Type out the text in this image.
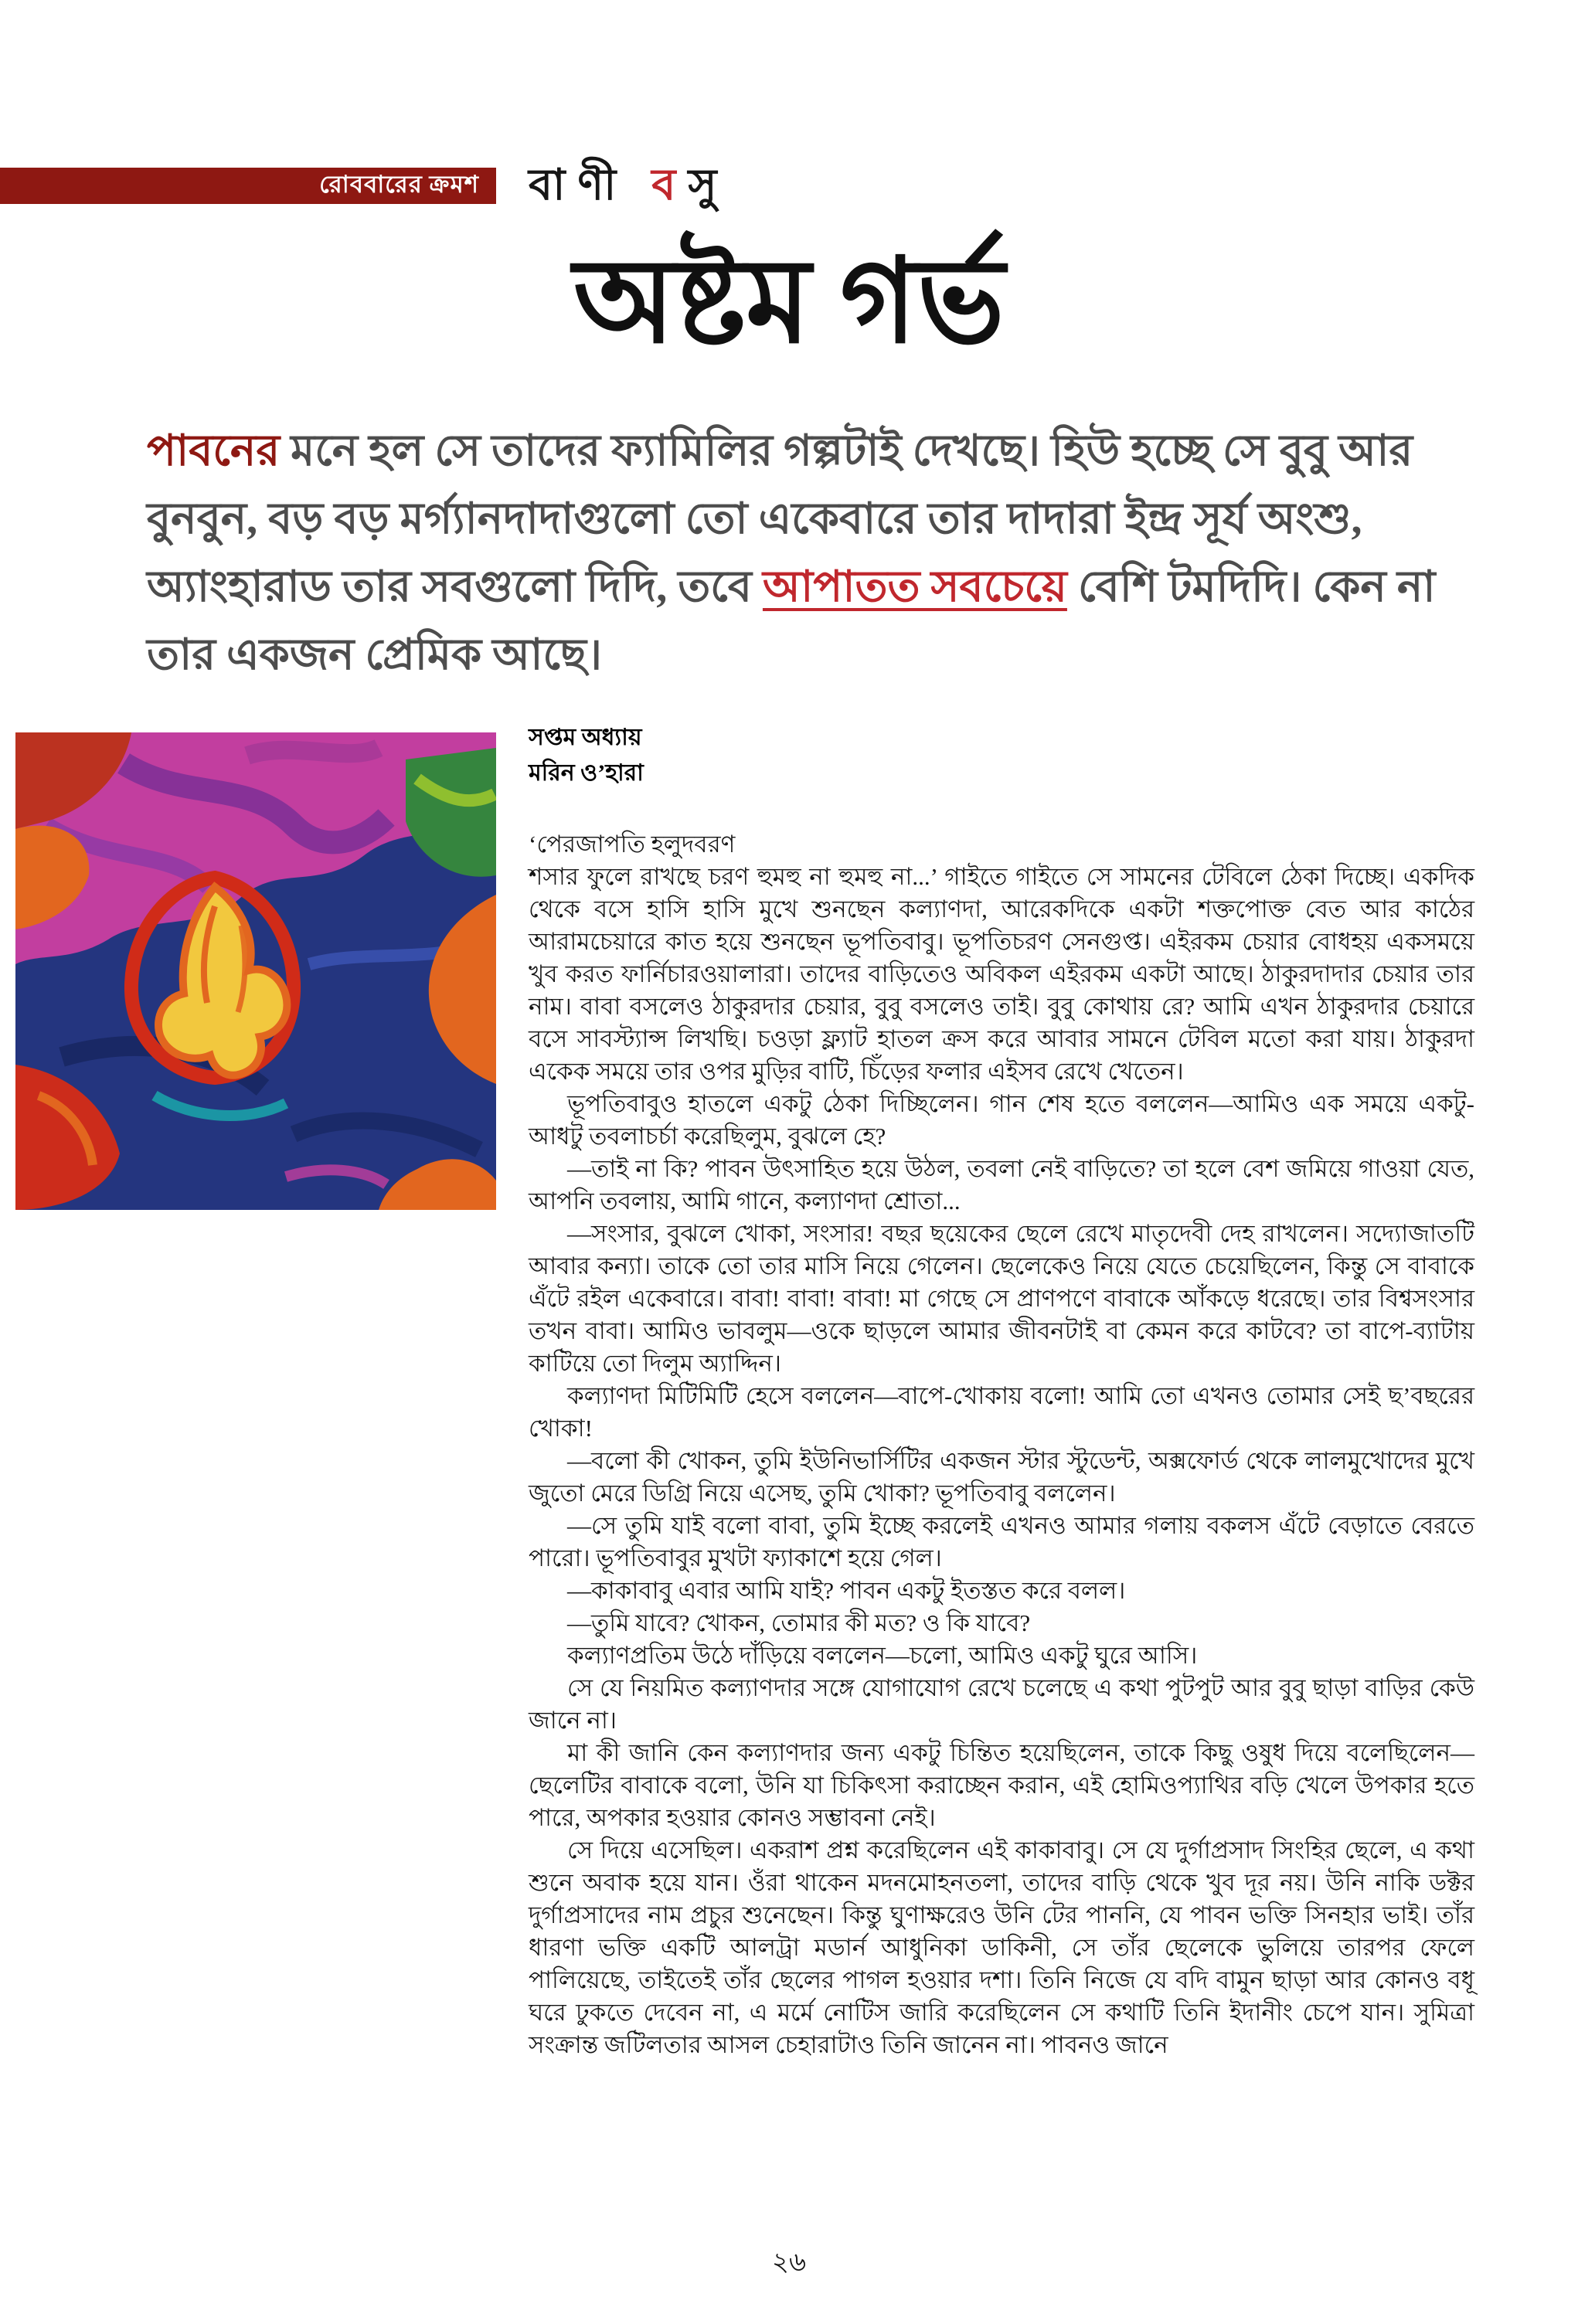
রোববারের ক্রমশ বাণী বসু
অষ্টম গর্ভ
পাবনের মনে হল সে তাদের ফ্যামিলির গল্পটাই দেখছে। হিউ হচ্ছে সে বুবু আর বুনবুন, বড় বড় মর্গ্যানদাদাগুলো তো একেবারে তার দাদারা ইন্দ্র সূর্য অংশু, অ্যাংহারাড তার সবগুলো দিদি, তবে আপাতত সবচেয়ে বেশি টমদিদি। কেন না তার একজন প্রেমিক আছে।
সপ্তম অধ্যায়
মরিন ও’হারা

‘পেরজাপতি হলুদবরণ

শসার ফুলে রাখছে চরণ হুমহু না হুমহু না...’ গাইতে গাইতে সে সামনের টেবিলে ঠেকা দিচ্ছে। একদিক থেকে বসে হাসি হাসি মুখে শুনছেন কল্যাণদা, আরেকদিকে একটা শক্তপোক্ত বেত আর কাঠের আরামচেয়ারে কাত হয়ে শুনছেন ভূপতিবাবু। ভূপতিচরণ সেনগুপ্ত। এইরকম চেয়ার বোধহয় একসময়ে খুব করত ফার্নিচারওয়ালারা। তাদের বাড়িতেও অবিকল এইরকম একটা আছে। ঠাকুরদাদার চেয়ার তার নাম। বাবা বসলেও ঠাকুরদার চেয়ার, বুবু বসলেও তাই। বুবু কোথায় রে? আমি এখন ঠাকুরদার চেয়ারে বসে সাবস্ট্যান্স লিখছি। চওড়া ফ্ল্যাট হাতল ক্রস করে আবার সামনে টেবিল মতো করা যায়। ঠাকুরদা একেক সময়ে তার ওপর মুড়ির বাটি, চিঁড়ের ফলার এইসব রেখে খেতেন।

ভূপতিবাবুও হাতলে একটু ঠেকা দিচ্ছিলেন। গান শেষ হতে বললেন—আমিও এক সময়ে একটু-আধটু তবলাচর্চা করেছিলুম, বুঝলে হে?

—তাই না কি? পাবন উৎসাহিত হয়ে উঠল, তবলা নেই বাড়িতে? তা হলে বেশ জমিয়ে গাওয়া যেত, আপনি তবলায়, আমি গানে, কল্যাণদা শ্রোতা...

—সংসার, বুঝলে খোকা, সংসার! বছর ছয়েকের ছেলে রেখে মাতৃদেবী দেহ রাখলেন। সদ্যোজাতটি আবার কন্যা। তাকে তো তার মাসি নিয়ে গেলেন। ছেলেকেও নিয়ে যেতে চেয়েছিলেন, কিন্তু সে বাবাকে এঁটে রইল একেবারে। বাবা! বাবা! বাবা! মা গেছে সে প্রাণপণে বাবাকে আঁকড়ে ধরেছে। তার বিশ্বসংসার তখন বাবা। আমিও ভাবলুম—ওকে ছাড়লে আমার জীবনটাই বা কেমন করে কাটবে? তা বাপে-ব্যাটায় কাটিয়ে তো দিলুম অ্যাদ্দিন।

কল্যাণদা মিটিমিটি হেসে বললেন—বাপে-খোকায় বলো! আমি তো এখনও তোমার সেই ছ’বছরের খোকা!

—বলো কী খোকন, তুমি ইউনিভার্সিটির একজন স্টার স্টুডেন্ট, অক্সফোর্ড থেকে লালমুখোদের মুখে জুতো মেরে ডিগ্রি নিয়ে এসেছ, তুমি খোকা? ভূপতিবাবু বললেন।

—সে তুমি যাই বলো বাবা, তুমি ইচ্ছে করলেই এখনও আমার গলায় বকলস এঁটে বেড়াতে বেরতে পারো। ভূপতিবাবুর মুখটা ফ্যাকাশে হয়ে গেল।

—কাকাবাবু এবার আমি যাই? পাবন একটু ইতস্তত করে বলল।

—তুমি যাবে? খোকন, তোমার কী মত? ও কি যাবে?

কল্যাণপ্রতিম উঠে দাঁড়িয়ে বললেন—চলো, আমিও একটু ঘুরে আসি।

সে যে নিয়মিত কল্যাণদার সঙ্গে যোগাযোগ রেখে চলেছে এ কথা পুটপুট আর বুবু ছাড়া বাড়ির কেউ জানে না।

মা কী জানি কেন কল্যাণদার জন্য একটু চিন্তিত হয়েছিলেন, তাকে কিছু ওষুধ দিয়ে বলেছিলেন—ছেলেটির বাবাকে বলো, উনি যা চিকিৎসা করাচ্ছেন করান, এই হোমিওপ্যাথির বড়ি খেলে উপকার হতে পারে, অপকার হওয়ার কোনও সম্ভাবনা নেই।

সে দিয়ে এসেছিল। একরাশ প্রশ্ন করেছিলেন এই কাকাবাবু। সে যে দুর্গাপ্রসাদ সিংহির ছেলে, এ কথা শুনে অবাক হয়ে যান। ওঁরা থাকেন মদনমোহনতলা, তাদের বাড়ি থেকে খুব দূর নয়। উনি নাকি ডক্টর দুর্গাপ্রসাদের নাম প্রচুর শুনেছেন। কিন্তু ঘুণাক্ষরেও উনি টের পাননি, যে পাবন ভক্তি সিনহার ভাই। তাঁর ধারণা ভক্তি একটি আলট্রা মডার্ন আধুনিকা ডাকিনী, সে তাঁর ছেলেকে ভুলিয়ে তারপর ফেলে পালিয়েছে, তাইতেই তাঁর ছেলের পাগল হওয়ার দশা। তিনি নিজে যে বদি বামুন ছাড়া আর কোনও বধূ ঘরে ঢুকতে দেবেন না, এ মর্মে নোটিস জারি করেছিলেন সে কথাটি তিনি ইদানীং চেপে যান। সুমিত্রা সংক্রান্ত জটিলতার আসল চেহারাটাও তিনি জানেন না। পাবনও জানে

২৬
